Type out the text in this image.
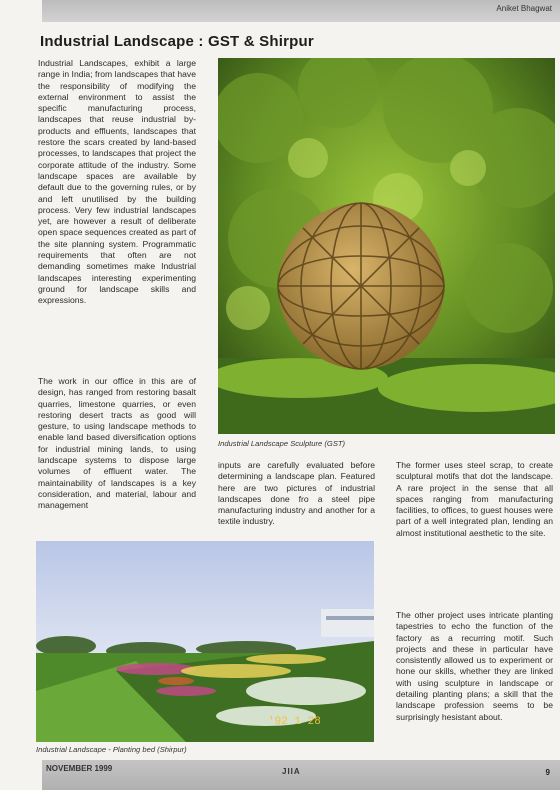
Aniket Bhagwat
Industrial Landscape : GST & Shirpur

Industrial Landscapes, exhibit a large range in India; from landscapes that have the responsibility of modifying the external environment to assist the specific manufacturing process, landscapes that reuse industrial by-products and effluents, landscapes that restore the scars created by land-based processes, to landscapes that project the corporate attitude of the industry. Some landscape spaces are available by default due to the governing rules, or by and left unutilised by the building process. Very few industrial landscapes yet, are however a result of deliberate open space sequences created as part of the site planning system. Programmatic requirements that often are not demanding sometimes make Industrial landscapes interesting experimenting ground for landscape skills and expressions.

The work in our office in this are of design, has ranged from restoring basalt quarries, limestone quarries, or even restoring desert tracts as good will gesture, to using landscape methods to enable land based diversification options for industrial mining lands, to using landscape systems to dispose large volumes of effluent water. The maintainability of landscapes is a key consideration, and material, labour and management

Industrial Landscape Sculpture (GST)

inputs are carefully evaluated before determining a landscape plan. Featured here are two pictures of industrial landscapes done fro a steel pipe manufacturing industry and another for a textile industry.

The former uses steel scrap, to create sculptural motifs that dot the landscape. A rare project in the sense that all spaces ranging from manufacturing facilities, to offices, to guest houses were part of a well integrated plan, lending an almost institutional aesthetic to the site.

The other project uses intricate planting tapestries to echo the function of the factory as a recurring motif. Such projects and these in particular have consistently allowed us to experiment or hone our skills, whether they are linked with using sculpture in landscape or detailing planting plans; a skill that the landscape profession seems to be surprisingly hesistant about.

'92 1 28
Industrial Landscape - Planting bed (Shirpur)
NOVEMBER 1999	JIIA	9
